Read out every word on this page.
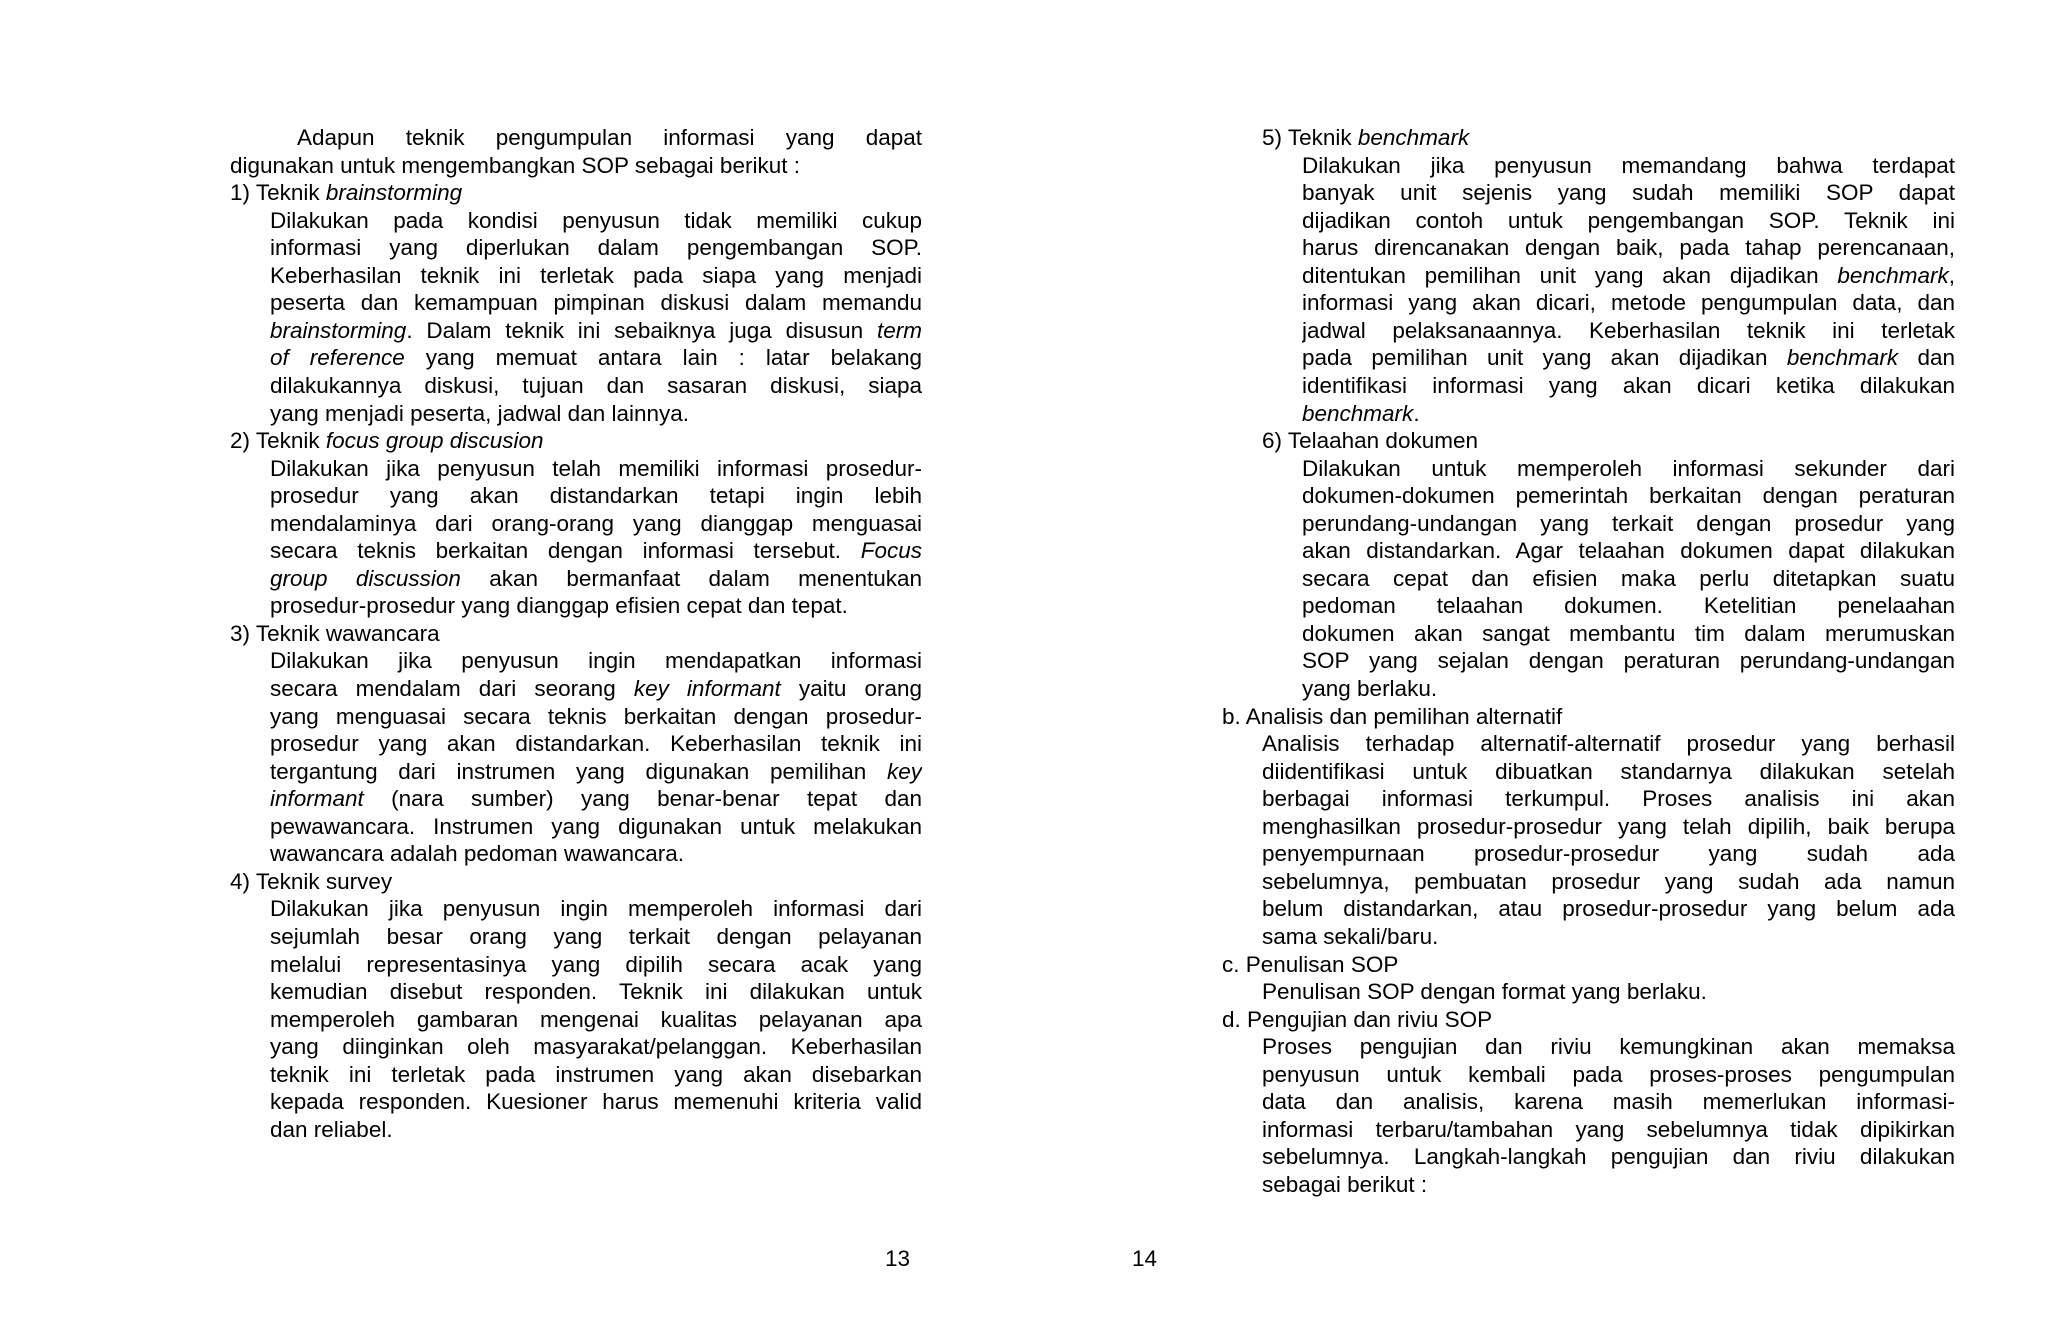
Adapun teknik pengumpulan informasi yang dapat
digunakan untuk mengembangkan SOP sebagai berikut :
1) Teknik brainstorming
Dilakukan pada kondisi penyusun tidak memiliki cukup
informasi yang diperlukan dalam pengembangan SOP.
Keberhasilan teknik ini terletak pada siapa yang menjadi
peserta dan kemampuan pimpinan diskusi dalam memandu
brainstorming. Dalam teknik ini sebaiknya juga disusun term
of reference yang memuat antara lain : latar belakang
dilakukannya diskusi, tujuan dan sasaran diskusi, siapa
yang menjadi peserta, jadwal dan lainnya.
2) Teknik focus group discusion
Dilakukan jika penyusun telah memiliki informasi prosedur-
prosedur yang akan distandarkan tetapi ingin lebih
mendalaminya dari orang-orang yang dianggap menguasai
secara teknis berkaitan dengan informasi tersebut. Focus
group discussion akan bermanfaat dalam menentukan
prosedur-prosedur yang dianggap efisien cepat dan tepat.
3) Teknik wawancara
Dilakukan jika penyusun ingin mendapatkan informasi
secara mendalam dari seorang key informant yaitu orang
yang menguasai secara teknis berkaitan dengan prosedur-
prosedur yang akan distandarkan. Keberhasilan teknik ini
tergantung dari instrumen yang digunakan pemilihan key
informant (nara sumber) yang benar-benar tepat dan
pewawancara. Instrumen yang digunakan untuk melakukan
wawancara adalah pedoman wawancara.
4) Teknik survey
Dilakukan jika penyusun ingin memperoleh informasi dari
sejumlah besar orang yang terkait dengan pelayanan
melalui representasinya yang dipilih secara acak yang
kemudian disebut responden. Teknik ini dilakukan untuk
memperoleh gambaran mengenai kualitas pelayanan apa
yang diinginkan oleh masyarakat/pelanggan. Keberhasilan
teknik ini terletak pada instrumen yang akan disebarkan
kepada responden. Kuesioner harus memenuhi kriteria valid
dan reliabel.
5) Teknik benchmark
Dilakukan jika penyusun memandang bahwa terdapat
banyak unit sejenis yang sudah memiliki SOP dapat
dijadikan contoh untuk pengembangan SOP. Teknik ini
harus direncanakan dengan baik, pada tahap perencanaan,
ditentukan pemilihan unit yang akan dijadikan benchmark,
informasi yang akan dicari, metode pengumpulan data, dan
jadwal pelaksanaannya. Keberhasilan teknik ini terletak
pada pemilihan unit yang akan dijadikan benchmark dan
identifikasi informasi yang akan dicari ketika dilakukan
benchmark.
6) Telaahan dokumen
Dilakukan untuk memperoleh informasi sekunder dari
dokumen-dokumen pemerintah berkaitan dengan peraturan
perundang-undangan yang terkait dengan prosedur yang
akan distandarkan. Agar telaahan dokumen dapat dilakukan
secara cepat dan efisien maka perlu ditetapkan suatu
pedoman telaahan dokumen. Ketelitian penelaahan
dokumen akan sangat membantu tim dalam merumuskan
SOP yang sejalan dengan peraturan perundang-undangan
yang berlaku.
b. Analisis dan pemilihan alternatif
Analisis terhadap alternatif-alternatif prosedur yang berhasil
diidentifikasi untuk dibuatkan standarnya dilakukan setelah
berbagai informasi terkumpul. Proses analisis ini akan
menghasilkan prosedur-prosedur yang telah dipilih, baik berupa
penyempurnaan prosedur-prosedur yang sudah ada
sebelumnya, pembuatan prosedur yang sudah ada namun
belum distandarkan, atau prosedur-prosedur yang belum ada
sama sekali/baru.
c. Penulisan SOP
Penulisan SOP dengan format yang berlaku.
d. Pengujian dan riviu SOP
Proses pengujian dan riviu kemungkinan akan memaksa
penyusun untuk kembali pada proses-proses pengumpulan
data dan analisis, karena masih memerlukan informasi-
informasi terbaru/tambahan yang sebelumnya tidak dipikirkan
sebelumnya. Langkah-langkah pengujian dan riviu dilakukan
sebagai berikut :
13	14
